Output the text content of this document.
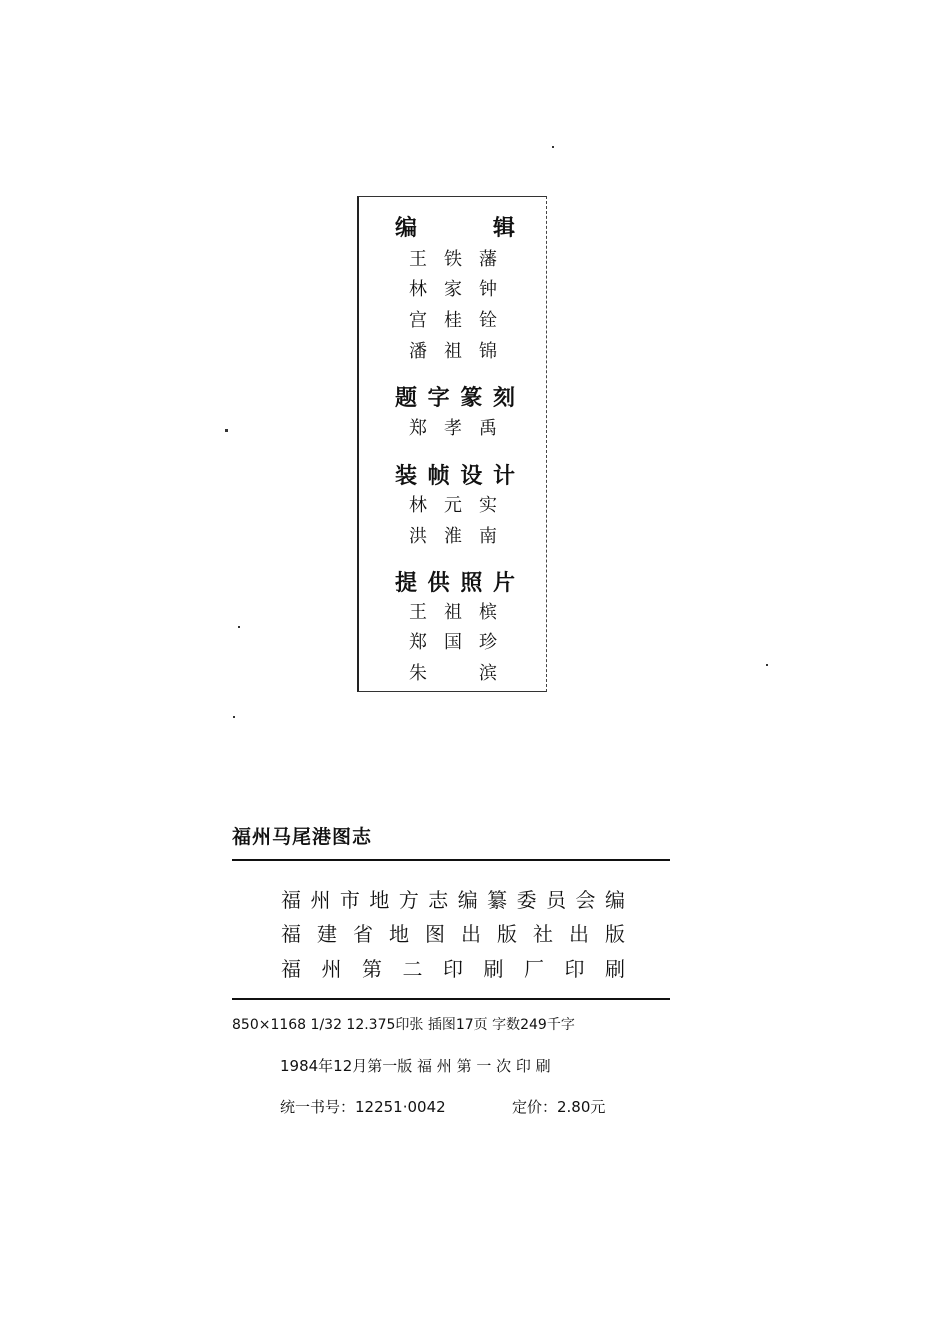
编	辑
王 铁 藩
林 家 钟
宫 桂 铨
潘 祖 锦
题 字 篆 刻
郑 孝 禹
装 帧 设 计
林 元 实
洪 淮 南
提 供 照 片
王 祖 槟
郑 国 珍
朱	滨
福州马尾港图志
福 州 市 地 方 志 编 纂 委 员 会 编
福 建 省 地 图 出 版 社 出 版
福 州 第 二 印 刷 厂 印 刷
850×1168 1/32 12.375印张 插图17页 字数249千字
1984年12月第一版 福 州 第 一 次 印 刷
统一书号：12251·0042	定价：2.80元
